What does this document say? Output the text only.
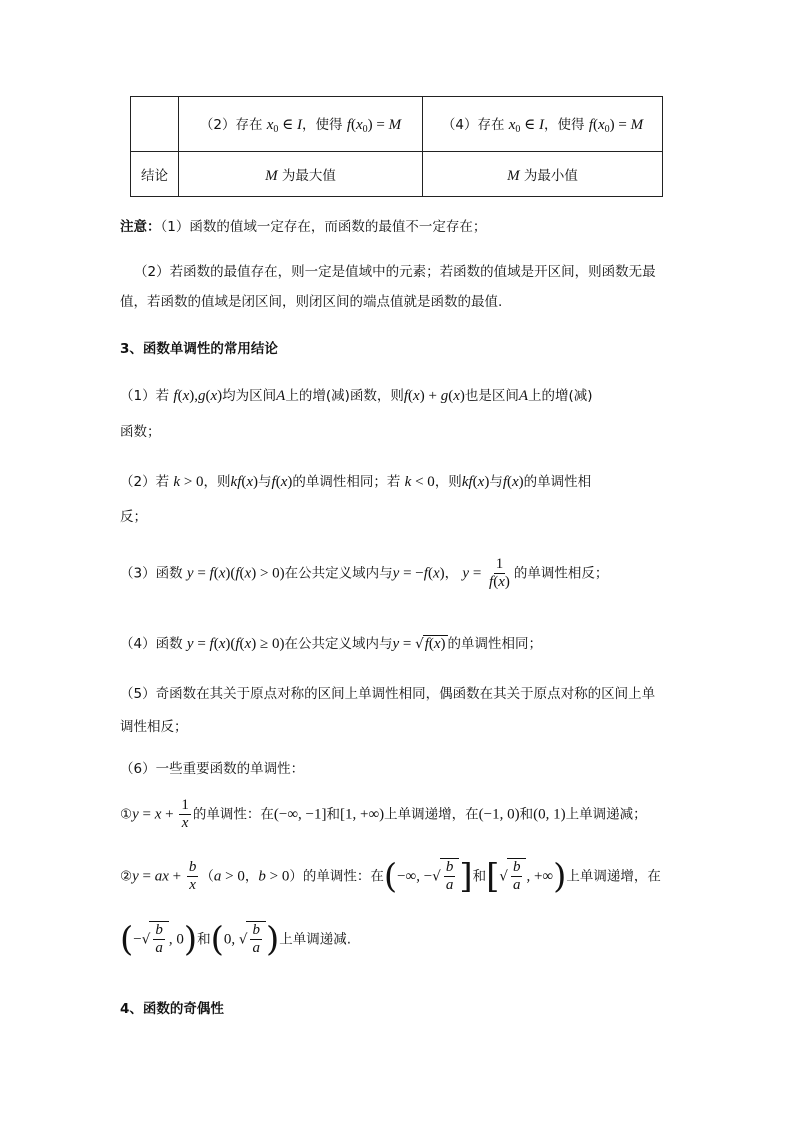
	（2）存在 $x_0$ ∈ I，使得 $f(x_0) = M$	（4）存在 $x_0$ ∈ I，使得 $f(x_0) = M$
结论	M 为最大值	M 为最小值
注意：（1）函数的值域一定存在，而函数的最值不一定存在；
（2）若函数的最值存在，则一定是值域中的元素；若函数的值域是开区间，则函数无最
值，若函数的值域是闭区间，则闭区间的端点值就是函数的最值.
3、函数单调性的常用结论
（1）若 f(x),g(x)均为区间A上的增(减)函数，则f(x) + g(x)也是区间A上的增(减)
函数；
（2）若 k > 0，则kf(x)与f(x)的单调性相同；若 k < 0，则kf(x)与f(x)的单调性相
反；
（3）函数 y = f(x)(f(x) > 0)在公共定义域内与y = −f(x)， $y = \frac{1}{f(x)}$ 的单调性相反；
（4）函数 y = f(x)(f(x) ≥ 0)在公共定义域内与y = √f(x) 的单调性相同；
（5）奇函数在其关于原点对称的区间上单调性相同，偶函数在其关于原点对称的区间上单
调性相反；
（6）一些重要函数的单调性：
①y = $x + \frac{1}{x}$ 的单调性：在(−∞, −1]和[1, +∞)上单调递增，在(−1, 0)和(0, 1)上单调递减；
②y = ax + $\frac{b}{x} (a > 0$，b > 0）的单调性：在(−∞, −√ $\frac{b}{a}$ ]和[√ $\frac{b}{a}$ , +∞)上单调递增，在
(−√ $\frac{b}{a}$ , 0)和(0, √ $\frac{b}{a}$ )上单调递减.
4、函数的奇偶性
